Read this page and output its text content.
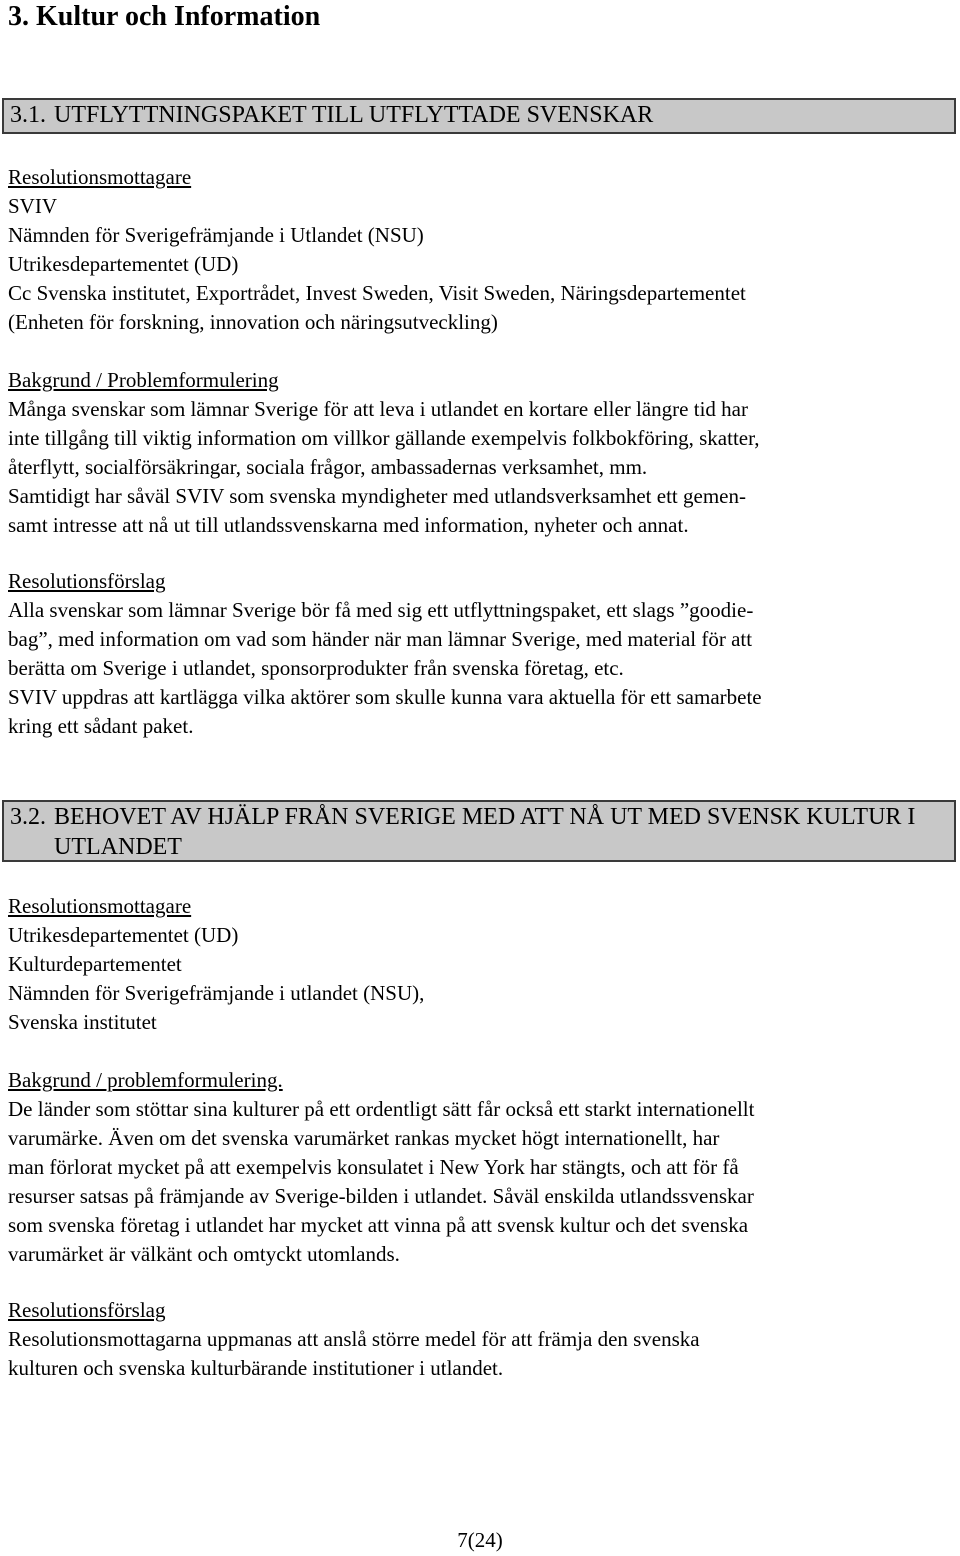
3. Kultur och Information
3.1. UTFLYTTNINGSPAKET TILL UTFLYTTADE SVENSKAR
Resolutionsmottagare
SVIV
Nämnden för Sverigefrämjande i Utlandet (NSU)
Utrikesdepartementet (UD)
Cc Svenska institutet, Exportrådet, Invest Sweden, Visit Sweden, Näringsdepartementet
(Enheten för forskning, innovation och näringsutveckling)
Bakgrund / Problemformulering
Många svenskar som lämnar Sverige för att leva i utlandet en kortare eller längre tid har
inte tillgång till viktig information om villkor gällande exempelvis folkbokföring, skatter,
återflytt, socialförsäkringar, sociala frågor, ambassadernas verksamhet, mm.
Samtidigt har såväl SVIV som svenska myndigheter med utlandsverksamhet ett gemen-
samt intresse att nå ut till utlandssvenskarna med information, nyheter och annat.
Resolutionsförslag
Alla svenskar som lämnar Sverige bör få med sig ett utflyttningspaket, ett slags ”goodie-
bag”, med information om vad som händer när man lämnar Sverige, med material för att
berätta om Sverige i utlandet, sponsorprodukter från svenska företag, etc.
SVIV uppdras att kartlägga vilka aktörer som skulle kunna vara aktuella för ett samarbete
kring ett sådant paket.
3.2. BEHOVET AV HJÄLP FRÅN SVERIGE MED ATT NÅ UT MED SVENSK KULTUR I UTLANDET
Resolutionsmottagare
Utrikesdepartementet (UD)
Kulturdepartementet
Nämnden för Sverigefrämjande i utlandet (NSU),
Svenska institutet
Bakgrund / problemformulering.
De länder som stöttar sina kulturer på ett ordentligt sätt får också ett starkt internationellt
varumärke. Även om det svenska varumärket rankas mycket högt internationellt, har
man förlorat mycket på att exempelvis konsulatet i New York har stängts, och att för få
resurser satsas på främjande av Sverige-bilden i utlandet. Såväl enskilda utlandssvenskar
som svenska företag i utlandet har mycket att vinna på att svensk kultur och det svenska
varumärket är välkänt och omtyckt utomlands.
Resolutionsförslag
Resolutionsmottagarna uppmanas att anslå större medel för att främja den svenska
kulturen och svenska kulturbärande institutioner i utlandet.
7(24)
